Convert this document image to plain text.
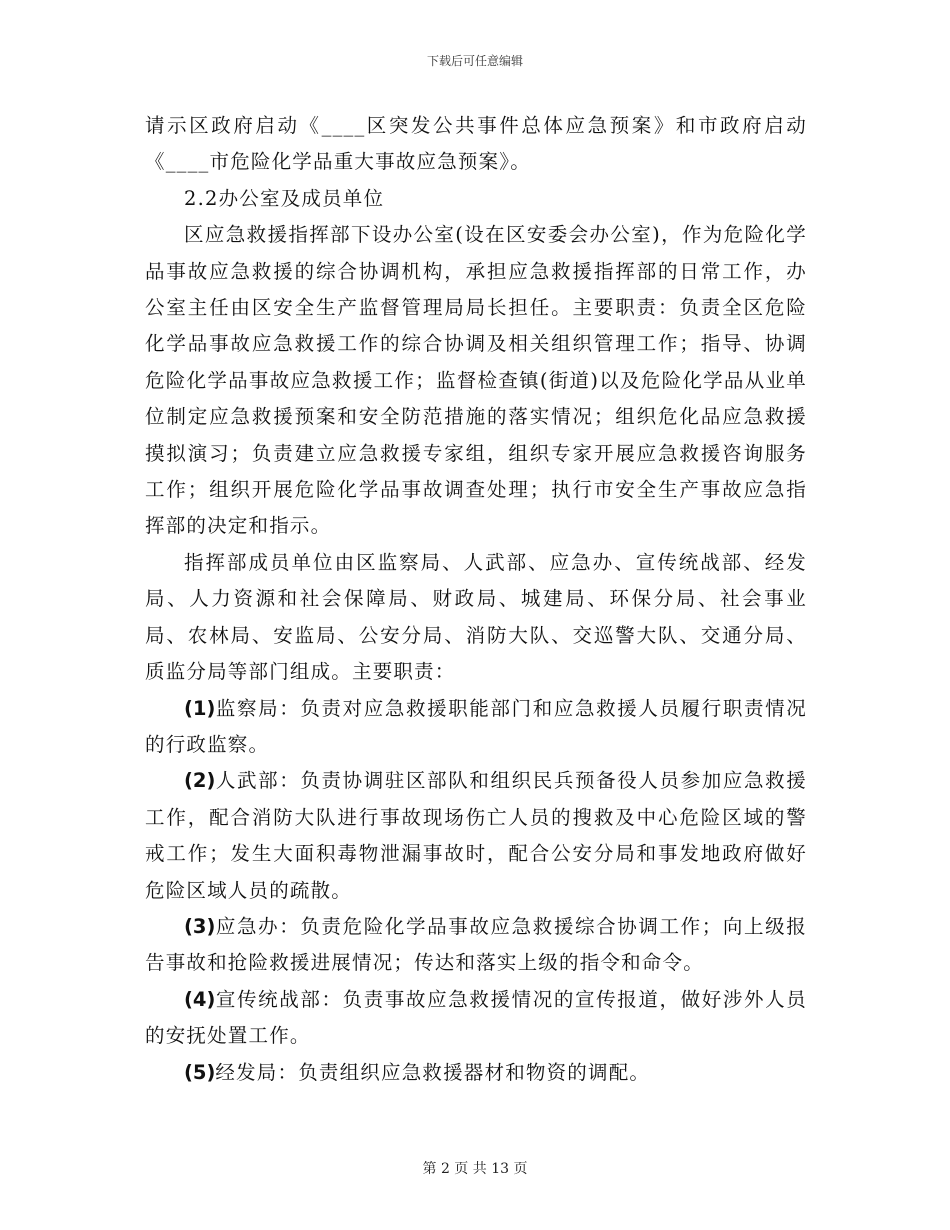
下载后可任意编辑

请示区政府启动《____区突发公共事件总体应急预案》和市政府启动《____市危险化学品重大事故应急预案》。

2.2办公室及成员单位

区应急救援指挥部下设办公室(设在区安委会办公室)，作为危险化学品事故应急救援的综合协调机构，承担应急救援指挥部的日常工作，办公室主任由区安全生产监督管理局局长担任。主要职责：负责全区危险化学品事故应急救援工作的综合协调及相关组织管理工作；指导、协调危险化学品事故应急救援工作；监督检查镇(街道)以及危险化学品从业单位制定应急救援预案和安全防范措施的落实情况；组织危化品应急救援摸拟演习；负责建立应急救援专家组，组织专家开展应急救援咨询服务工作；组织开展危险化学品事故调查处理；执行市安全生产事故应急指挥部的决定和指示。

指挥部成员单位由区监察局、人武部、应急办、宣传统战部、经发局、人力资源和社会保障局、财政局、城建局、环保分局、社会事业局、农林局、安监局、公安分局、消防大队、交巡警大队、交通分局、质监分局等部门组成。主要职责：

(1)监察局：负责对应急救援职能部门和应急救援人员履行职责情况的行政监察。

(2)人武部：负责协调驻区部队和组织民兵预备役人员参加应急救援工作，配合消防大队进行事故现场伤亡人员的搜救及中心危险区域的警戒工作；发生大面积毒物泄漏事故时，配合公安分局和事发地政府做好危险区域人员的疏散。

(3)应急办：负责危险化学品事故应急救援综合协调工作；向上级报告事故和抢险救援进展情况；传达和落实上级的指令和命令。

(4)宣传统战部：负责事故应急救援情况的宣传报道，做好涉外人员的安抚处置工作。

(5)经发局：负责组织应急救援器材和物资的调配。

第 2 页 共 13 页
